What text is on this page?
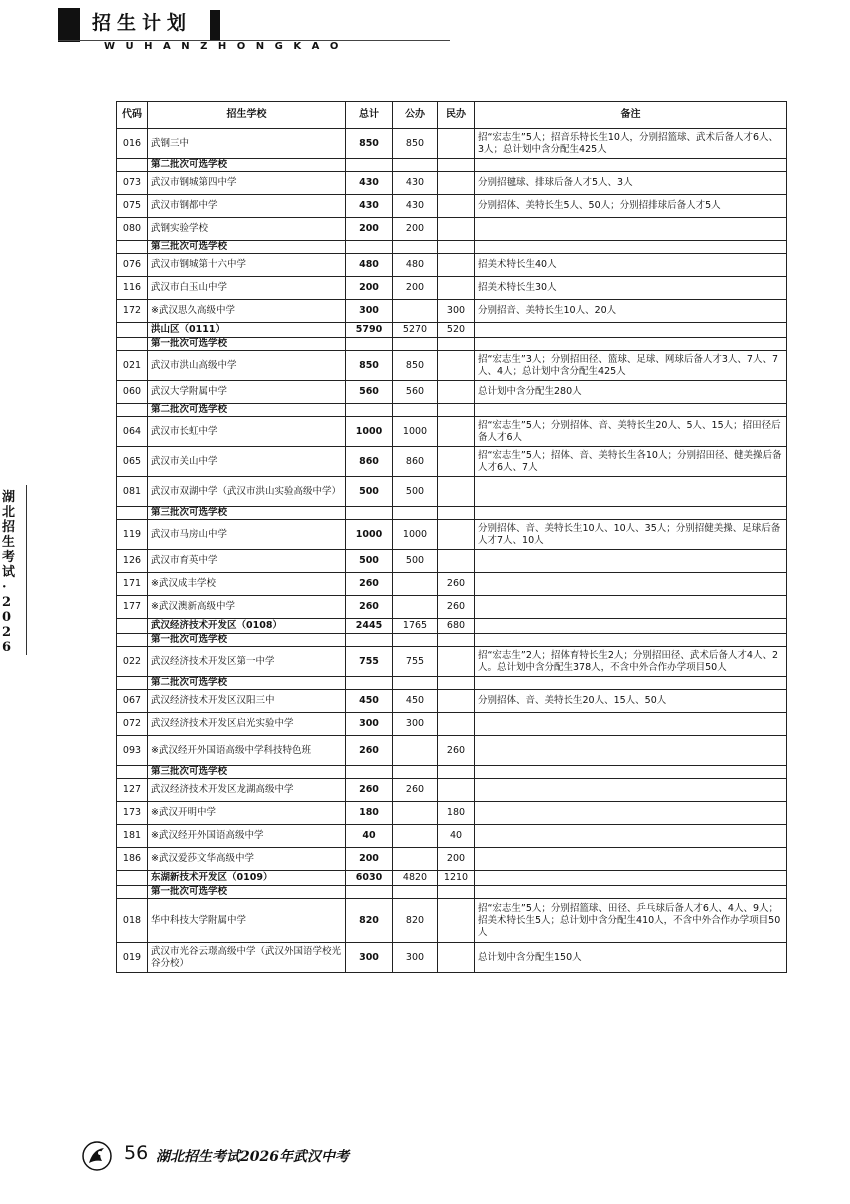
招生计划
WUHANZHONGKAO
湖
北
招
生
考
试
·
2
0
2
6
代码	招生学校	总计	公办	民办	备注
016	武钢三中	850	850		招“宏志生”5人；招音乐特长生10人，分别招篮球、武术后备人才6人、3人；总计划中含分配生425人
	第二批次可选学校				
073	武汉市钢城第四中学	430	430		分别招毽球、排球后备人才5人、3人
075	武汉市钢都中学	430	430		分别招体、美特长生5人、50人；分别招排球后备人才5人
080	武钢实验学校	200	200		
	第三批次可选学校				
076	武汉市钢城第十六中学	480	480		招美术特长生40人
116	武汉市白玉山中学	200	200		招美术特长生30人
172	※武汉思久高级中学	300		300	分别招音、美特长生10人、20人
	洪山区（0111）	5790	5270	520	
	第一批次可选学校				
021	武汉市洪山高级中学	850	850		招“宏志生”3人；分别招田径、篮球、足球、网球后备人才3人、7人、7人、4人；总计划中含分配生425人
060	武汉大学附属中学	560	560		总计划中含分配生280人
	第二批次可选学校				
064	武汉市长虹中学	1000	1000		招“宏志生”5人；分别招体、音、美特长生20人、5人、15人；招田径后备人才6人
065	武汉市关山中学	860	860		招“宏志生”5人；招体、音、美特长生各10人；分别招田径、健美操后备人才6人、7人
081	武汉市双湖中学（武汉市洪山实验高级中学）	500	500		
	第三批次可选学校				
119	武汉市马房山中学	1000	1000		分别招体、音、美特长生10人、10人、35人；分别招健美操、足球后备人才7人、10人
126	武汉市育英中学	500	500		
171	※武汉成丰学校	260		260	
177	※武汉澳新高级中学	260		260	
	武汉经济技术开发区（0108）	2445	1765	680	
	第一批次可选学校				
022	武汉经济技术开发区第一中学	755	755		招“宏志生”2人；招体育特长生2人；分别招田径、武术后备人才4人、2人。总计划中含分配生378人，不含中外合作办学项目50人
	第二批次可选学校				
067	武汉经济技术开发区汉阳三中	450	450		分别招体、音、美特长生20人、15人、50人
072	武汉经济技术开发区启光实验中学	300	300		
093	※武汉经开外国语高级中学科技特色班	260		260	
	第三批次可选学校				
127	武汉经济技术开发区龙湖高级中学	260	260		
173	※武汉开明中学	180		180	
181	※武汉经开外国语高级中学	40		40	
186	※武汉爱莎文华高级中学	200		200	
	东湖新技术开发区（0109）	6030	4820	1210	
	第一批次可选学校				
018	华中科技大学附属中学	820	820		招“宏志生”5人；分别招篮球、田径、乒乓球后备人才6人、4人、9人；招美术特长生5人；总计划中含分配生410人，不含中外合作办学项目50人
019	武汉市光谷云璟高级中学（武汉外国语学校光谷分校）	300	300		总计划中含分配生150人
56 湖北招生考试2026年武汉中考
